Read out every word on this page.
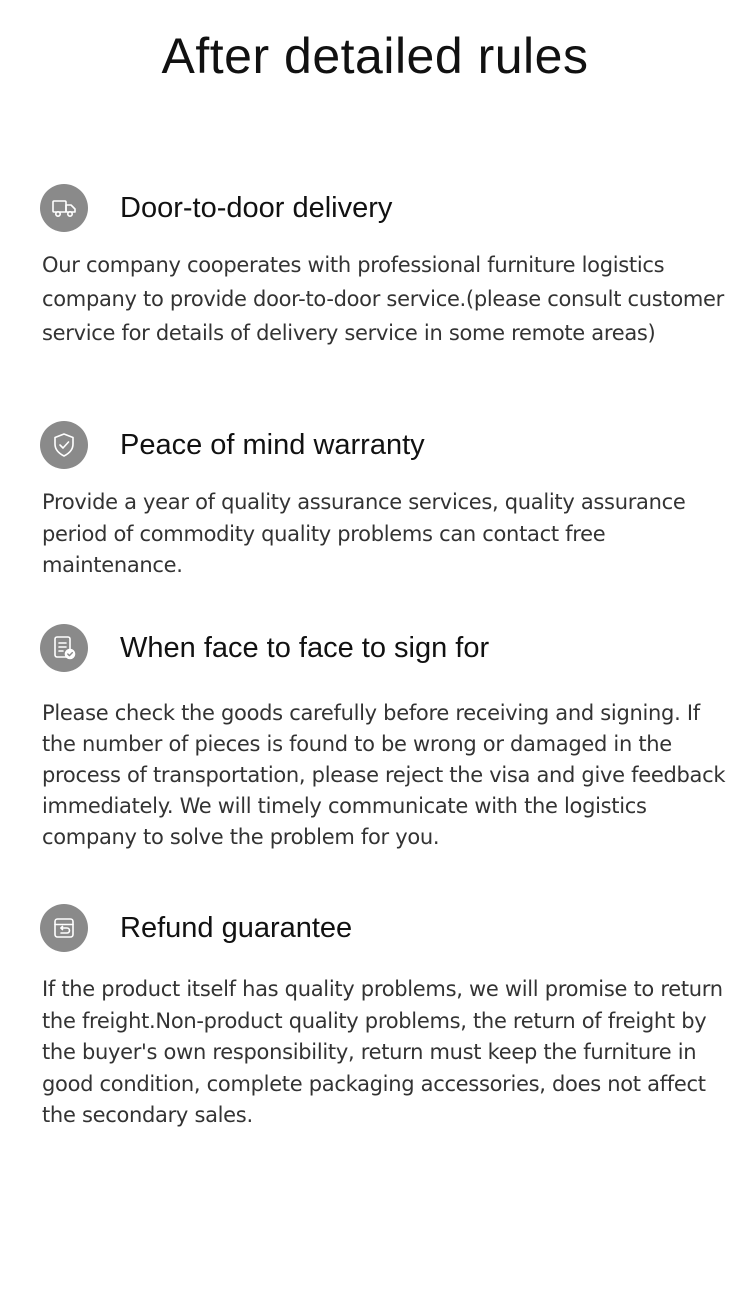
After detailed rules
Door-to-door delivery

Our company cooperates with professional furniture logistics company to provide door-to-door service.(please consult customer service for details of delivery service in some remote areas)

Peace of mind warranty

Provide a year of quality assurance services, quality assurance period of commodity quality problems can contact free maintenance.

When face to face to sign for

Please check the goods carefully before receiving and signing. If the number of pieces is found to be wrong or damaged in the process of transportation, please reject the visa and give feedback immediately. We will timely communicate with the logistics company to solve the problem for you.

Refund guarantee

If the product itself has quality problems, we will promise to return the freight.Non-product quality problems, the return of freight by the buyer's own responsibility, return must keep the furniture in good condition, complete packaging accessories, does not affect the secondary sales.
